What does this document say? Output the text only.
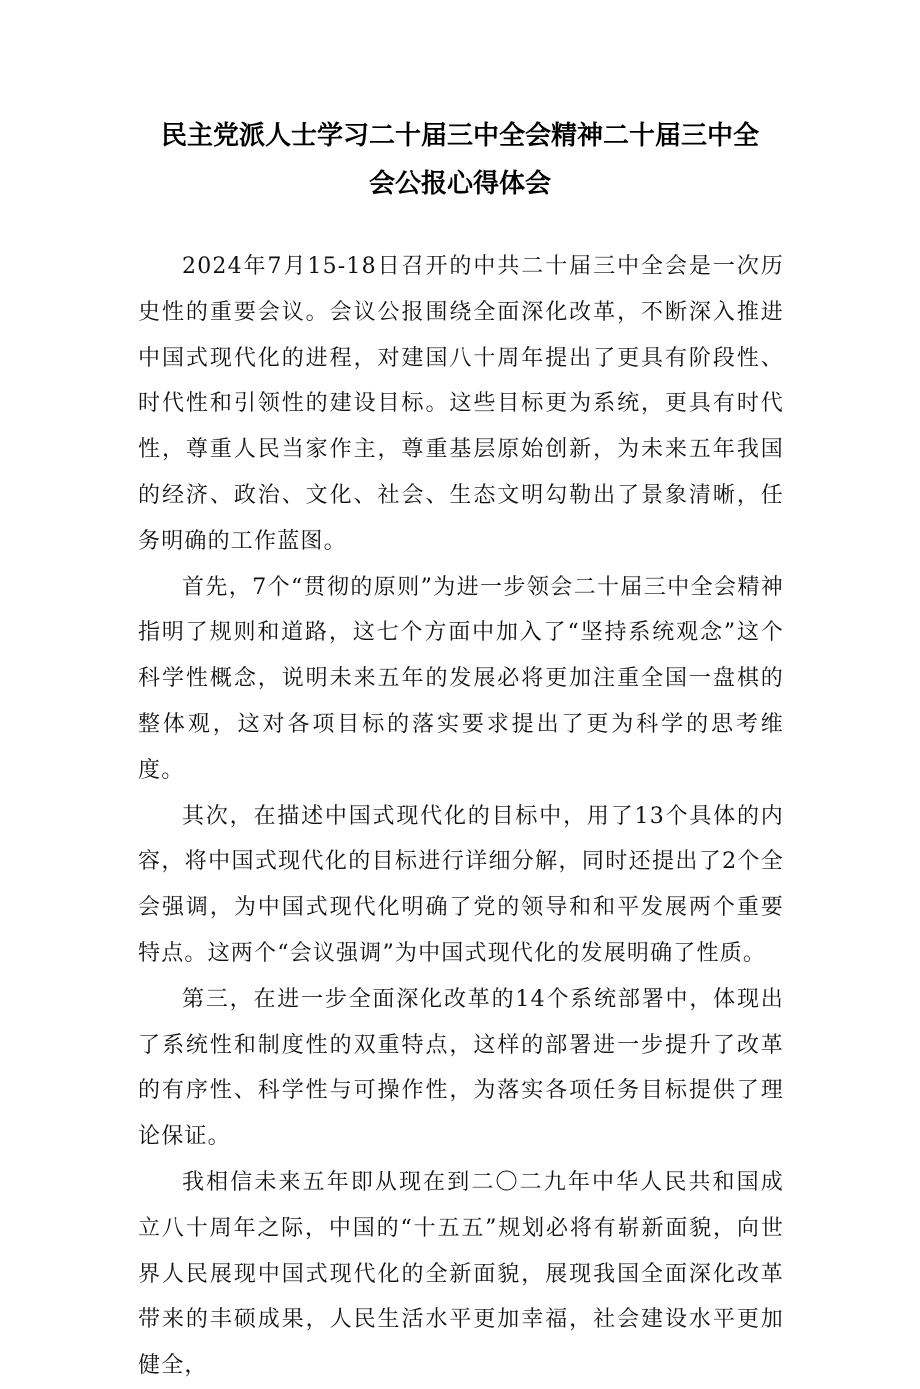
民主党派人士学习二十届三中全会精神二十届三中全
会公报心得体会

2024年7月15-18日召开的中共二十届三中全会是一次历史性的重要会议。会议公报围绕全面深化改革，不断深入推进中国式现代化的进程，对建国八十周年提出了更具有阶段性、时代性和引领性的建设目标。这些目标更为系统，更具有时代性，尊重人民当家作主，尊重基层原始创新，为未来五年我国的经济、政治、文化、社会、生态文明勾勒出了景象清晰，任务明确的工作蓝图。

首先，7个“贯彻的原则”为进一步领会二十届三中全会精神指明了规则和道路，这七个方面中加入了“坚持系统观念”这个科学性概念，说明未来五年的发展必将更加注重全国一盘棋的整体观，这对各项目标的落实要求提出了更为科学的思考维度。

其次，在描述中国式现代化的目标中，用了13个具体的内容，将中国式现代化的目标进行详细分解，同时还提出了2个全会强调，为中国式现代化明确了党的领导和和平发展两个重要特点。这两个“会议强调”为中国式现代化的发展明确了性质。

第三，在进一步全面深化改革的14个系统部署中，体现出了系统性和制度性的双重特点，这样的部署进一步提升了改革的有序性、科学性与可操作性，为落实各项任务目标提供了理论保证。

我相信未来五年即从现在到二〇二九年中华人民共和国成立八十周年之际，中国的“十五五”规划必将有崭新面貌，向世界人民展现中国式现代化的全新面貌，展现我国全面深化改革带来的丰硕成果，人民生活水平更加幸福，社会建设水平更加健全，
